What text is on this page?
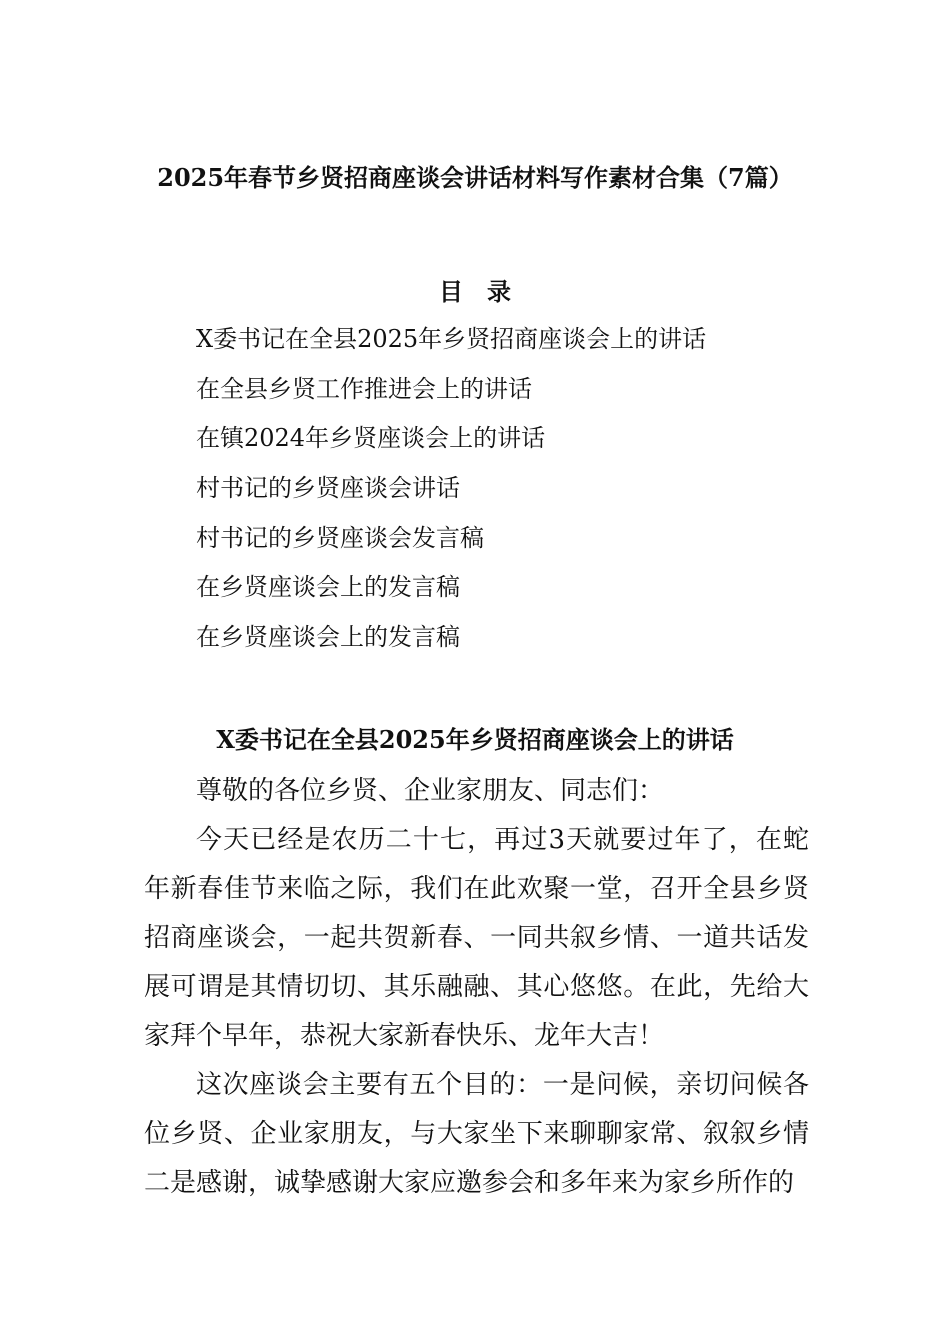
2025年春节乡贤招商座谈会讲话材料写作素材合集（7篇）
目　录
X委书记在全县2025年乡贤招商座谈会上的讲话
在全县乡贤工作推进会上的讲话
在镇2024年乡贤座谈会上的讲话
村书记的乡贤座谈会讲话
村书记的乡贤座谈会发言稿
在乡贤座谈会上的发言稿
在乡贤座谈会上的发言稿
X委书记在全县2025年乡贤招商座谈会上的讲话

尊敬的各位乡贤、企业家朋友、同志们：

今天已经是农历二十七，再过3天就要过年了，在蛇年新春佳节来临之际，我们在此欢聚一堂，召开全县乡贤招商座谈会，一起共贺新春、一同共叙乡情、一道共话发展可谓是其情切切、其乐融融、其心悠悠。在此，先给大家拜个早年，恭祝大家新春快乐、龙年大吉！

这次座谈会主要有五个目的：一是问候，亲切问候各位乡贤、企业家朋友，与大家坐下来聊聊家常、叙叙乡情二是感谢，诚挚感谢大家应邀参会和多年来为家乡所作的
